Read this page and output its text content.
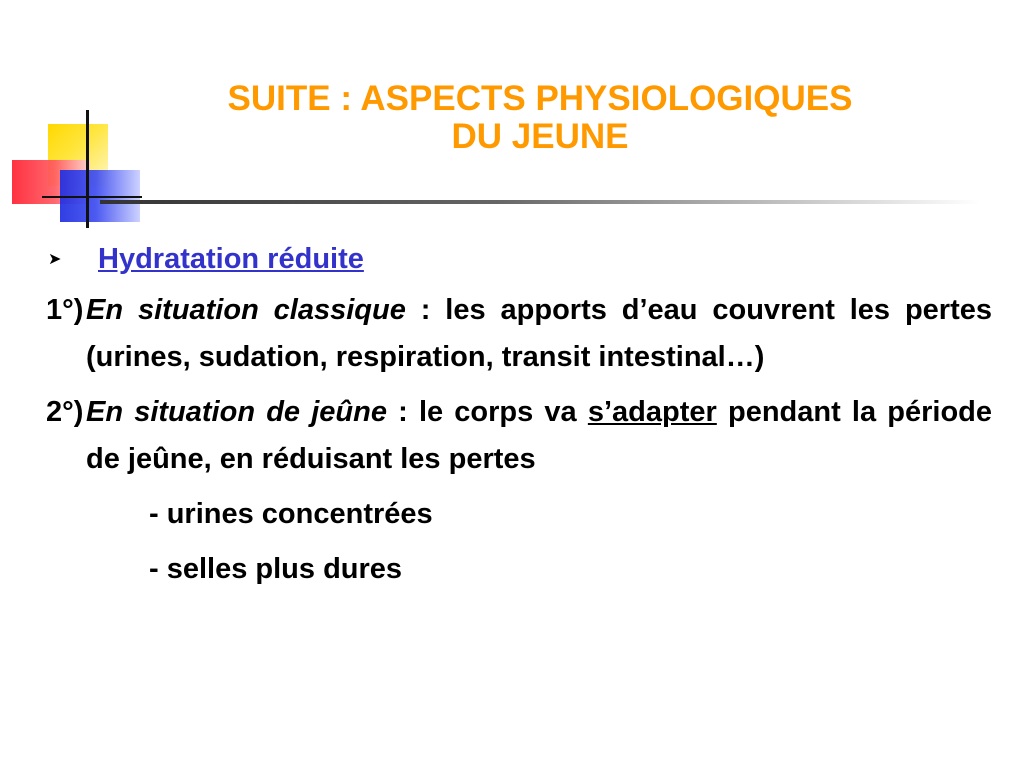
SUITE : ASPECTS PHYSIOLOGIQUES
DU JEUNE
➤ Hydratation réduite
1°) En situation classique : les apports d’eau couvrent les pertes (urines, sudation, respiration, transit intestinal…)
2°) En situation de jeûne : le corps va s’adapter pendant la période de jeûne, en réduisant les pertes
- urines concentrées
- selles plus dures
